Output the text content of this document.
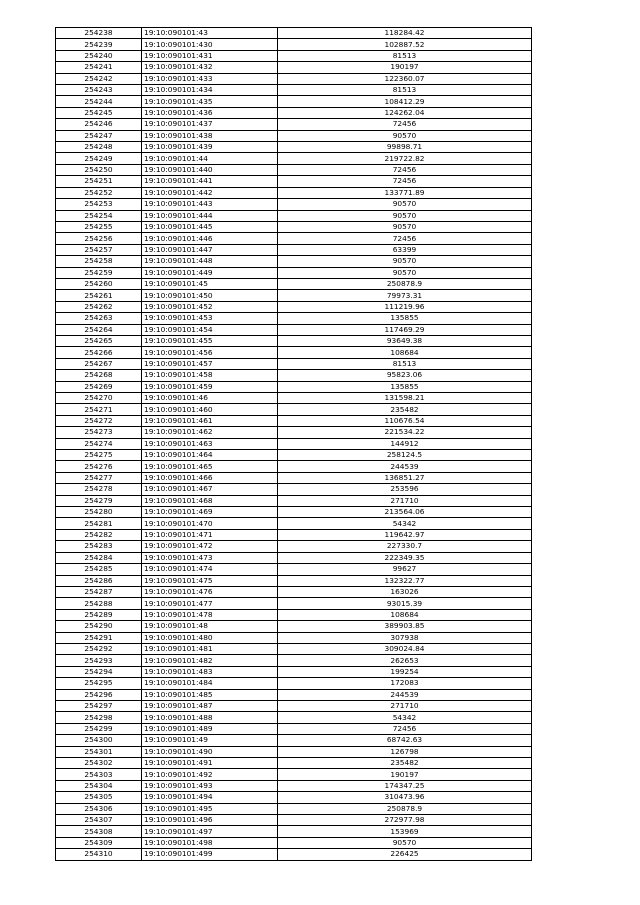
254238	19:10:090101:43	118284.42
254239	19:10:090101:430	102887.52
254240	19:10:090101:431	81513
254241	19:10:090101:432	190197
254242	19:10:090101:433	122360.07
254243	19:10:090101:434	81513
254244	19:10:090101:435	108412.29
254245	19:10:090101:436	124262.04
254246	19:10:090101:437	72456
254247	19:10:090101:438	90570
254248	19:10:090101:439	99898.71
254249	19:10:090101:44	219722.82
254250	19:10:090101:440	72456
254251	19:10:090101:441	72456
254252	19:10:090101:442	133771.89
254253	19:10:090101:443	90570
254254	19:10:090101:444	90570
254255	19:10:090101:445	90570
254256	19:10:090101:446	72456
254257	19:10:090101:447	63399
254258	19:10:090101:448	90570
254259	19:10:090101:449	90570
254260	19:10:090101:45	250878.9
254261	19:10:090101:450	79973.31
254262	19:10:090101:452	111219.96
254263	19:10:090101:453	135855
254264	19:10:090101:454	117469.29
254265	19:10:090101:455	93649.38
254266	19:10:090101:456	108684
254267	19:10:090101:457	81513
254268	19:10:090101:458	95823.06
254269	19:10:090101:459	135855
254270	19:10:090101:46	131598.21
254271	19:10:090101:460	235482
254272	19:10:090101:461	110676.54
254273	19:10:090101:462	221534.22
254274	19:10:090101:463	144912
254275	19:10:090101:464	258124.5
254276	19:10:090101:465	244539
254277	19:10:090101:466	136851.27
254278	19:10:090101:467	253596
254279	19:10:090101:468	271710
254280	19:10:090101:469	213564.06
254281	19:10:090101:470	54342
254282	19:10:090101:471	119642.97
254283	19:10:090101:472	227330.7
254284	19:10:090101:473	222349.35
254285	19:10:090101:474	99627
254286	19:10:090101:475	132322.77
254287	19:10:090101:476	163026
254288	19:10:090101:477	93015.39
254289	19:10:090101:478	108684
254290	19:10:090101:48	389903.85
254291	19:10:090101:480	307938
254292	19:10:090101:481	309024.84
254293	19:10:090101:482	262653
254294	19:10:090101:483	199254
254295	19:10:090101:484	172083
254296	19:10:090101:485	244539
254297	19:10:090101:487	271710
254298	19:10:090101:488	54342
254299	19:10:090101:489	72456
254300	19:10:090101:49	68742.63
254301	19:10:090101:490	126798
254302	19:10:090101:491	235482
254303	19:10:090101:492	190197
254304	19:10:090101:493	174347.25
254305	19:10:090101:494	310473.96
254306	19:10:090101:495	250878.9
254307	19:10:090101:496	272977.98
254308	19:10:090101:497	153969
254309	19:10:090101:498	90570
254310	19:10:090101:499	226425
